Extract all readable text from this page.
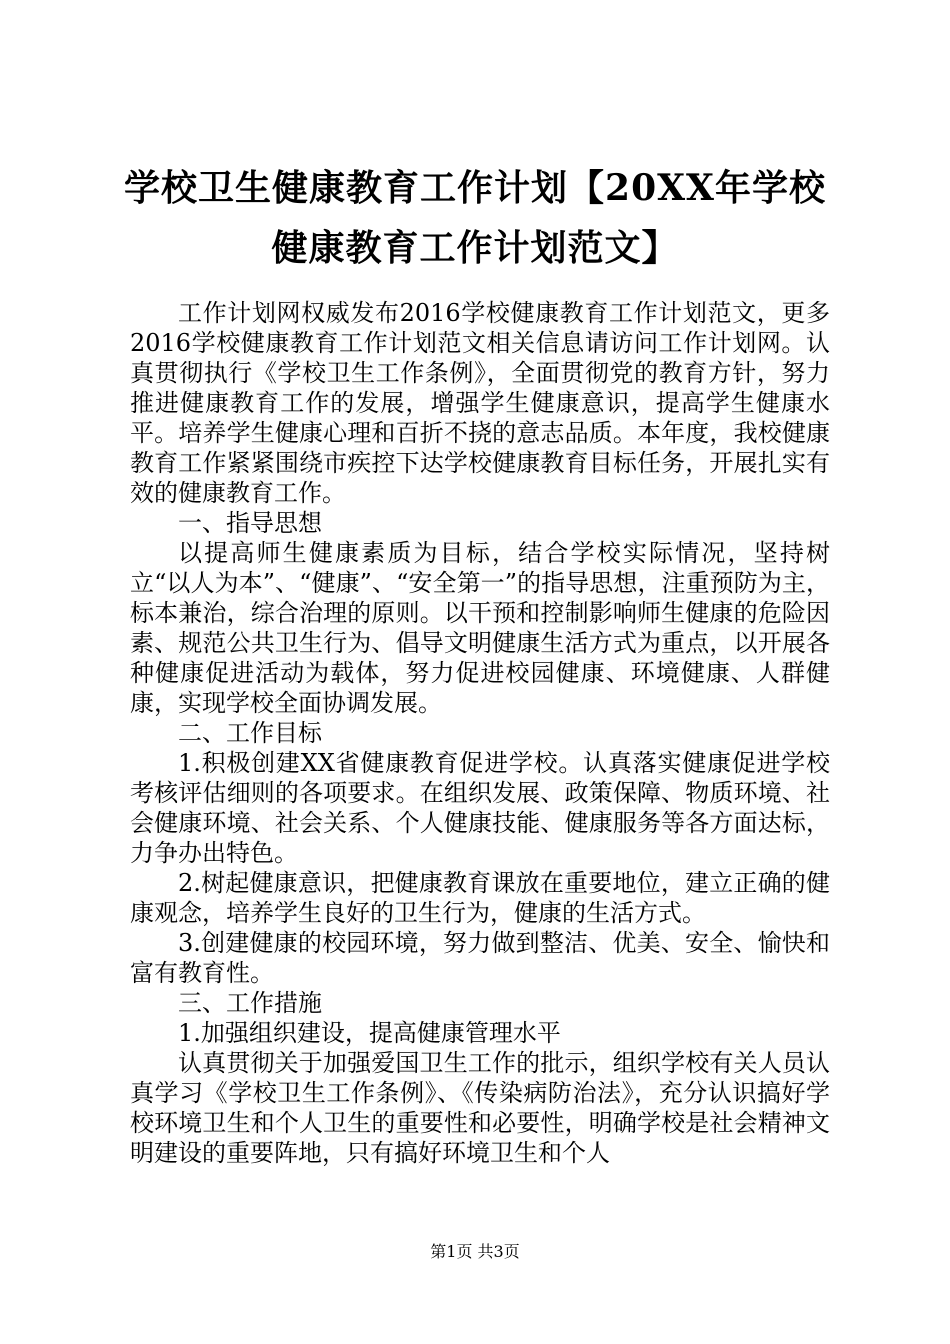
学校卫生健康教育工作计划【20XX年学校健康教育工作计划范文】

工作计划网权威发布2016学校健康教育工作计划范文，更多2016学校健康教育工作计划范文相关信息请访问工作计划网。认真贯彻执行《学校卫生工作条例》，全面贯彻党的教育方针，努力推进健康教育工作的发展，增强学生健康意识，提高学生健康水平。培养学生健康心理和百折不挠的意志品质。本年度，我校健康教育工作紧紧围绕市疾控下达学校健康教育目标任务，开展扎实有效的健康教育工作。

一、指导思想

以提高师生健康素质为目标，结合学校实际情况，坚持树立“以人为本”、“健康”、“安全第一”的指导思想，注重预防为主，标本兼治，综合治理的原则。以干预和控制影响师生健康的危险因素、规范公共卫生行为、倡导文明健康生活方式为重点，以开展各种健康促进活动为载体，努力促进校园健康、环境健康、人群健康，实现学校全面协调发展。

二、工作目标

1.积极创建XX省健康教育促进学校。认真落实健康促进学校考核评估细则的各项要求。在组织发展、政策保障、物质环境、社会健康环境、社会关系、个人健康技能、健康服务等各方面达标，力争办出特色。

2.树起健康意识，把健康教育课放在重要地位，建立正确的健康观念，培养学生良好的卫生行为，健康的生活方式。

3.创建健康的校园环境，努力做到整洁、优美、安全、愉快和富有教育性。

三、工作措施

1.加强组织建设，提高健康管理水平

认真贯彻关于加强爱国卫生工作的批示，组织学校有关人员认真学习《学校卫生工作条例》、《传染病防治法》，充分认识搞好学校环境卫生和个人卫生的重要性和必要性，明确学校是社会精神文明建设的重要阵地，只有搞好环境卫生和个人

第1页 共3页
